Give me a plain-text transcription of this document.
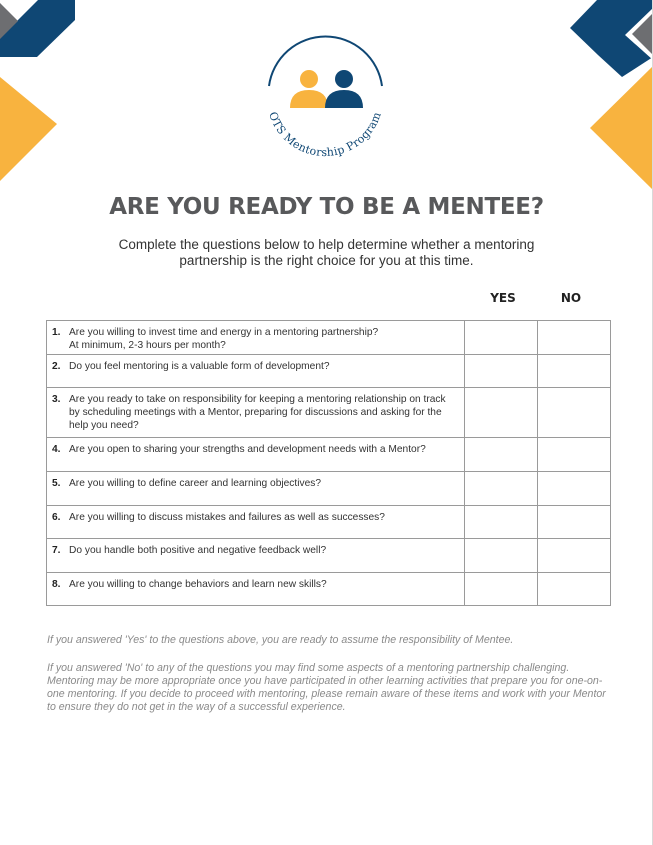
OTS Mentorship Program
ARE YOU READY TO BE A MENTEE?
Complete the questions below to help determine whether a mentoring partnership is the right choice for you at this time.
YES	NO
1. Are you willing to invest time and energy in a mentoring partnership?
At minimum, 2-3 hours per month?		

2. Do you feel mentoring is a valuable form of development?		

3. Are you ready to take on responsibility for keeping a mentoring relationship on track by scheduling meetings with a Mentor, preparing for discussions and asking for the help you need?		

4. Are you open to sharing your strengths and development needs with a Mentor?		

5. Are you willing to define career and learning objectives?		

6. Are you willing to discuss mistakes and failures as well as successes?		

7. Do you handle both positive and negative feedback well?		

8. Are you willing to change behaviors and learn new skills?		

If you answered 'Yes' to the questions above, you are ready to assume the responsibility of Mentee.
If you answered 'No' to any of the questions you may find some aspects of a mentoring partnership challenging. Mentoring may be more appropriate once you have participated in other learning activities that prepare you for one-on-one mentoring. If you decide to proceed with mentoring, please remain aware of these items and work with your Mentor to ensure they do not get in the way of a successful experience.
